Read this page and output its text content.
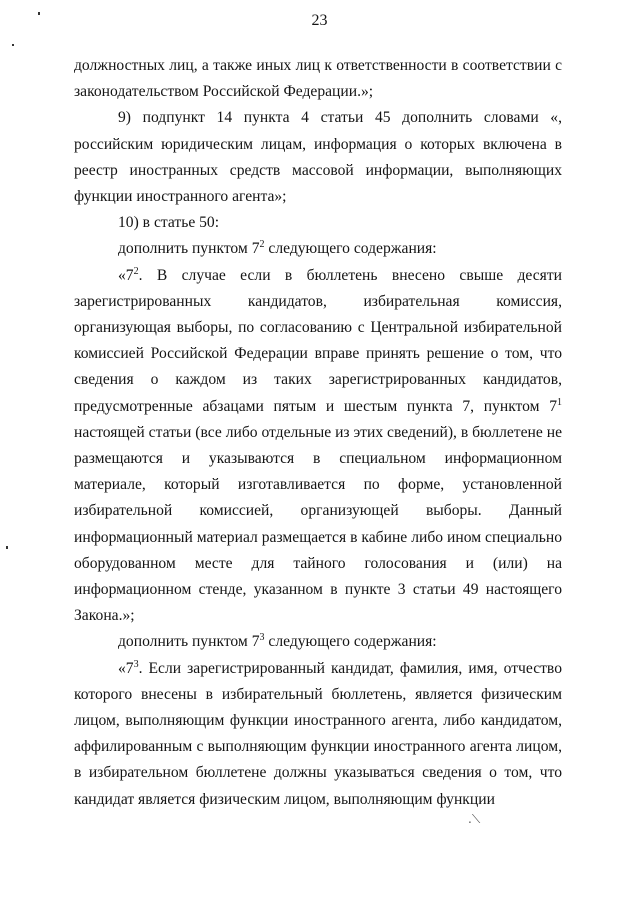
23

должностных лиц, а также иных лиц к ответственности в соответствии с законодательством Российской Федерации.»;

9) подпункт 14 пункта 4 статьи 45 дополнить словами «, российским юридическим лицам, информация о которых включена в реестр иностранных средств массовой информации, выполняющих функции иностранного агента»;

10) в статье 50:

дополнить пунктом $7^2$ следующего содержания:

«$7^2$. В случае если в бюллетень внесено свыше десяти зарегистрированных кандидатов, избирательная комиссия, организующая выборы, по согласованию с Центральной избирательной комиссией Российской Федерации вправе принять решение о том, что сведения о каждом из таких зарегистрированных кандидатов, предусмотренные абзацами пятым и шестым пункта 7, пунктом $7^1$ настоящей статьи (все либо отдельные из этих сведений), в бюллетене не размещаются и указываются в специальном информационном материале, который изготавливается по форме, установленной избирательной комиссией, организующей выборы. Данный информационный материал размещается в кабине либо ином специально оборудованном месте для тайного голосования и (или) на информационном стенде, указанном в пункте 3 статьи 49 настоящего Закона.»;

дополнить пунктом $7^3$ следующего содержания:

«$7^3$. Если зарегистрированный кандидат, фамилия, имя, отчество которого внесены в избирательный бюллетень, является физическим лицом, выполняющим функции иностранного агента, либо кандидатом, аффилированным с выполняющим функции иностранного агента лицом, в избирательном бюллетене должны указываться сведения о том, что кандидат является физическим лицом, выполняющим функции

.⟍
